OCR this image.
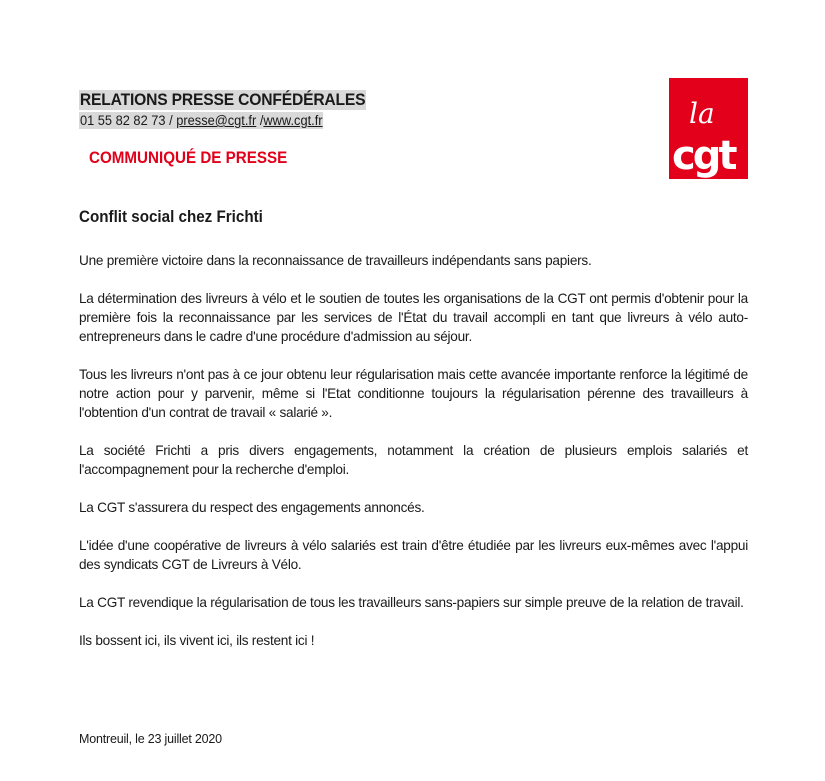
RELATIONS PRESSE CONFÉDÉRALES
01 55 82 82 73 / presse@cgt.fr /www.cgt.fr
COMMUNIQUÉ DE PRESSE
la
cgt
Conflit social chez Frichti

Une première victoire dans la reconnaissance de travailleurs indépendants sans papiers.

La détermination des livreurs à vélo et le soutien de toutes les organisations de la CGT ont permis d'obtenir pour la première fois la reconnaissance par les services de l'État du travail accompli en tant que livreurs à vélo auto-entrepreneurs dans le cadre d'une procédure d'admission au séjour.

Tous les livreurs n'ont pas à ce jour obtenu leur régularisation mais cette avancée importante renforce la légitimé de notre action pour y parvenir, même si l'Etat conditionne toujours la régularisation pérenne des travailleurs à l'obtention d'un contrat de travail « salarié ».

La société Frichti a pris divers engagements, notamment la création de plusieurs emplois salariés et l'accompagnement pour la recherche d'emploi.

La CGT s'assurera du respect des engagements annoncés.

L'idée d'une coopérative de livreurs à vélo salariés est train d'être étudiée par les livreurs eux-mêmes avec l'appui des syndicats CGT de Livreurs à Vélo.

La CGT revendique la régularisation de tous les travailleurs sans-papiers sur simple preuve de la relation de travail.

Ils bossent ici, ils vivent ici, ils restent ici !

Montreuil, le 23 juillet 2020
